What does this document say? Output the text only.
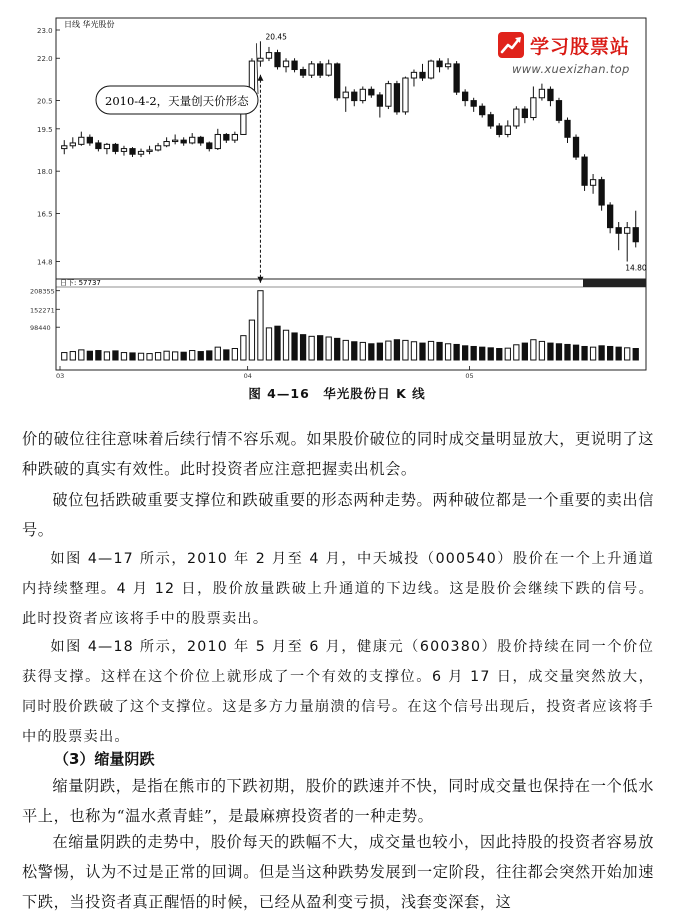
日线 华光股份
日下: 57737
23.0
22.0
20.5
19.5
18.0
16.5
14.8
208355
152271
98440
03	04	05
2010-4-2，天量创天价形态
20.45
14.80
学习股票站
www.xuexizhan.top
图 4—16　华光股份日 K 线
价的破位往往意味着后续行情不容乐观。如果股价破位的同时成交量明显放大，更说明了这种跌破的真实有效性。此时投资者应注意把握卖出机会。
破位包括跌破重要支撑位和跌破重要的形态两种走势。两种破位都是一个重要的卖出信号。
如图 4—17 所示，2010 年 2 月至 4 月，中天城投（000540）股价在一个上升通道内持续整理。4 月 12 日，股价放量跌破上升通道的下边线。这是股价会继续下跌的信号。此时投资者应该将手中的股票卖出。
如图 4—18 所示，2010 年 5 月至 6 月，健康元（600380）股价持续在同一个价位获得支撑。这样在这个价位上就形成了一个有效的支撑位。6 月 17 日，成交量突然放大，同时股价跌破了这个支撑位。这是多方力量崩溃的信号。在这个信号出现后，投资者应该将手中的股票卖出。
（3）缩量阴跌
缩量阴跌，是指在熊市的下跌初期，股价的跌速并不快，同时成交量也保持在一个低水平上，也称为“温水煮青蛙”，是最麻痹投资者的一种走势。
在缩量阴跌的走势中，股价每天的跌幅不大，成交量也较小，因此持股的投资者容易放松警惕，认为不过是正常的回调。但是当这种跌势发展到一定阶段，往往都会突然开始加速下跌，当投资者真正醒悟的时候，已经从盈利变亏损，浅套变深套，这
